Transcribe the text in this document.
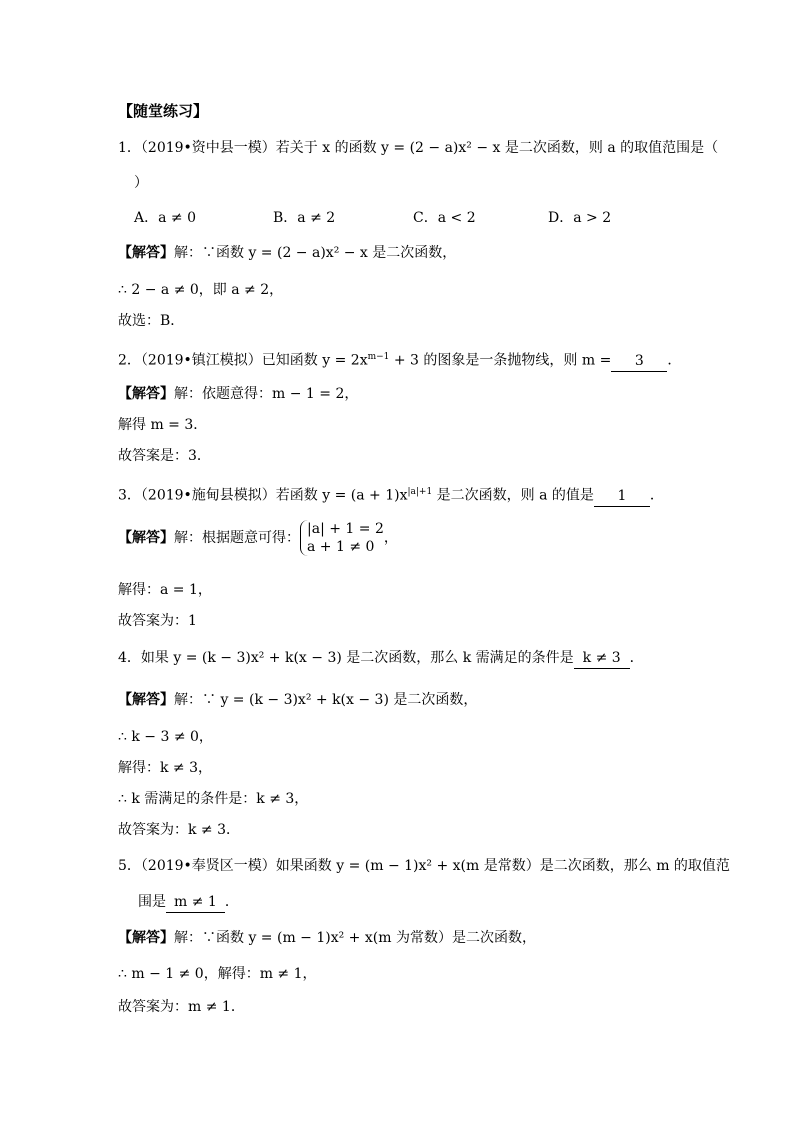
【随堂练习】
1．（2019•资中县一模）若关于 x 的函数 y = (2 − a)x² − x 是二次函数，则 a 的取值范围是（
）
A．a ≠ 0	B．a ≠ 2	C．a < 2	D．a > 2
【解答】解：∵函数 y = (2 − a)x² − x 是二次函数，
∴ 2 − a ≠ 0，即 a ≠ 2，
故选：B．
2．（2019•镇江模拟）已知函数 $y = 2x^{m-1} + 3$ 的图象是一条抛物线，则 m = 3 ．
【解答】解：依题意得：m − 1 = 2，
解得 m = 3．
故答案是：3．
3．（2019•施甸县模拟）若函数 $y = (a + 1)x^{|a|+1}$ 是二次函数，则 a 的值是 1 ．
【解答】解：根据题意可得：
|a| + 1 = 2
a + 1 ≠ 0
，
解得：a = 1，
故答案为：1
4．如果 y = (k − 3)x² + k(x − 3) 是二次函数，那么 k 需满足的条件是 k ≠ 3 ．
【解答】解：∵ y = (k − 3)x² + k(x − 3) 是二次函数，
∴ k − 3 ≠ 0，
解得：k ≠ 3，
∴ k 需满足的条件是：k ≠ 3，
故答案为：k ≠ 3．
5．（2019•奉贤区一模）如果函数 y = (m − 1)x² + x(m 是常数）是二次函数，那么 m 的取值范
围是 m ≠ 1 ．
【解答】解：∵函数 y = (m − 1)x² + x(m 为常数）是二次函数，
∴ m − 1 ≠ 0，解得：m ≠ 1，
故答案为：m ≠ 1．
